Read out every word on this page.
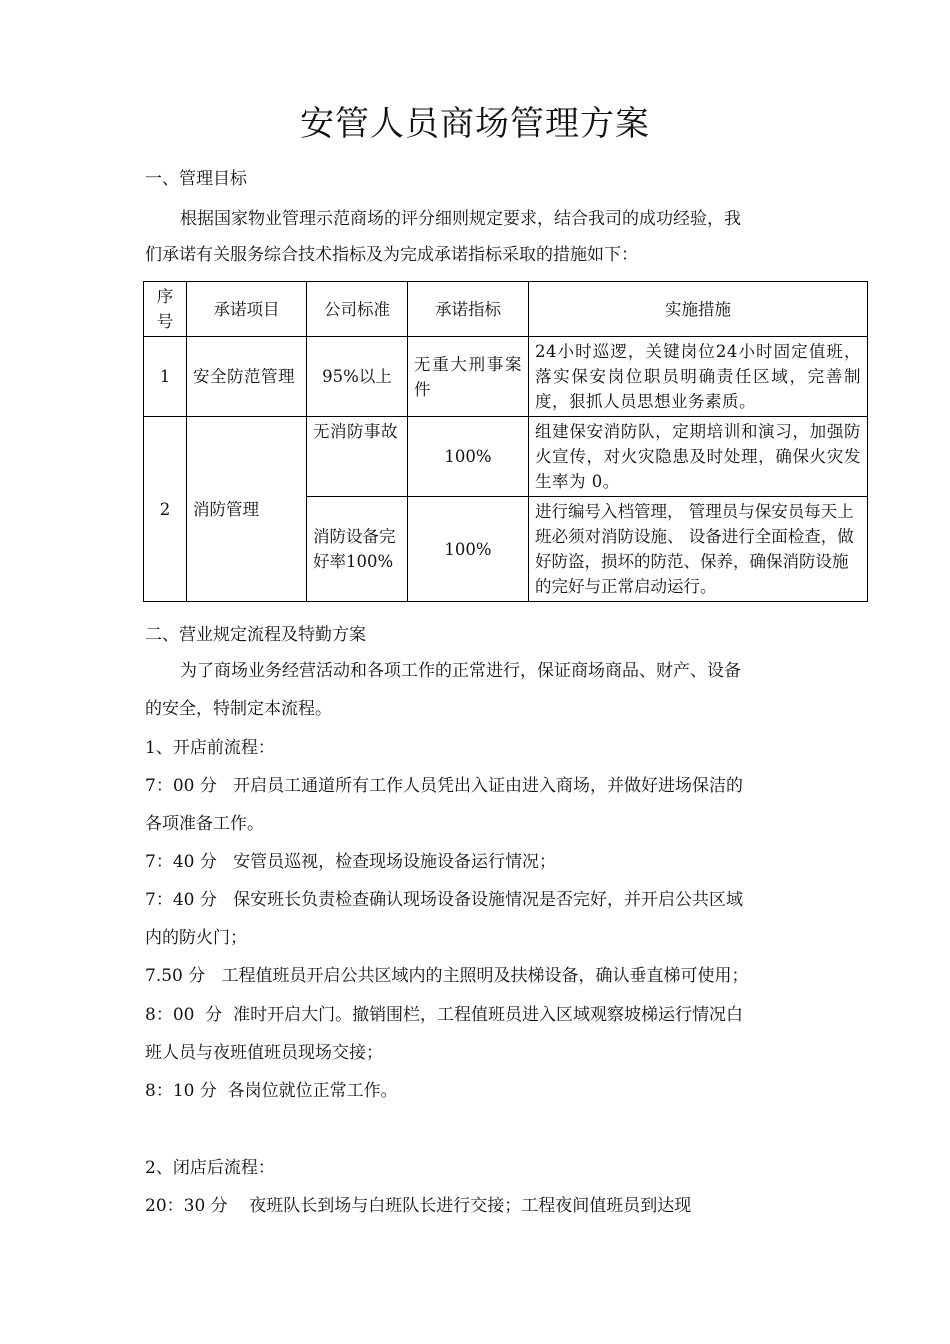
安管人员商场管理方案
一、管理目标
根据国家物业管理示范商场的评分细则规定要求，结合我司的成功经验，我
们承诺有关服务综合技术指标及为完成承诺指标采取的措施如下：
序号	承诺项目	公司标准	承诺指标	实施措施
1	安全防范管理	95%以上	无重大刑事案件	24小时巡逻，关键岗位24小时固定值班，落实保安岗位职员明确责任区域，完善制度，狠抓人员思想业务素质。
2	消防管理	无消防事故	100%	组建保安消防队，定期培训和演习，加强防火宣传，对火灾隐患及时处理，确保火灾发生率为 0。
		消防设备完好率100%	100%	进行编号入档管理， 管理员与保安员每天上班必须对消防设施、 设备进行全面检查，做好防盗，损坏的防范、保养，确保消防设施的完好与正常启动运行。
二、营业规定流程及特勤方案
为了商场业务经营活动和各项工作的正常进行，保证商场商品、财产、设备
的安全，特制定本流程。
1、开店前流程：
7：00 分   开启员工通道所有工作人员凭出入证由进入商场，并做好进场保洁的
各项准备工作。
7：40 分   安管员巡视，检查现场设施设备运行情况；
7：40 分   保安班长负责检查确认现场设备设施情况是否完好，并开启公共区域
内的防火门；
7.50 分   工程值班员开启公共区域内的主照明及扶梯设备，确认垂直梯可使用；
8：00  分  准时开启大门。撤销围栏，工程值班员进入区域观察坡梯运行情况白
班人员与夜班值班员现场交接；
8：10 分  各岗位就位正常工作。
2、闭店后流程：
20：30 分    夜班队长到场与白班队长进行交接；工程夜间值班员到达现
